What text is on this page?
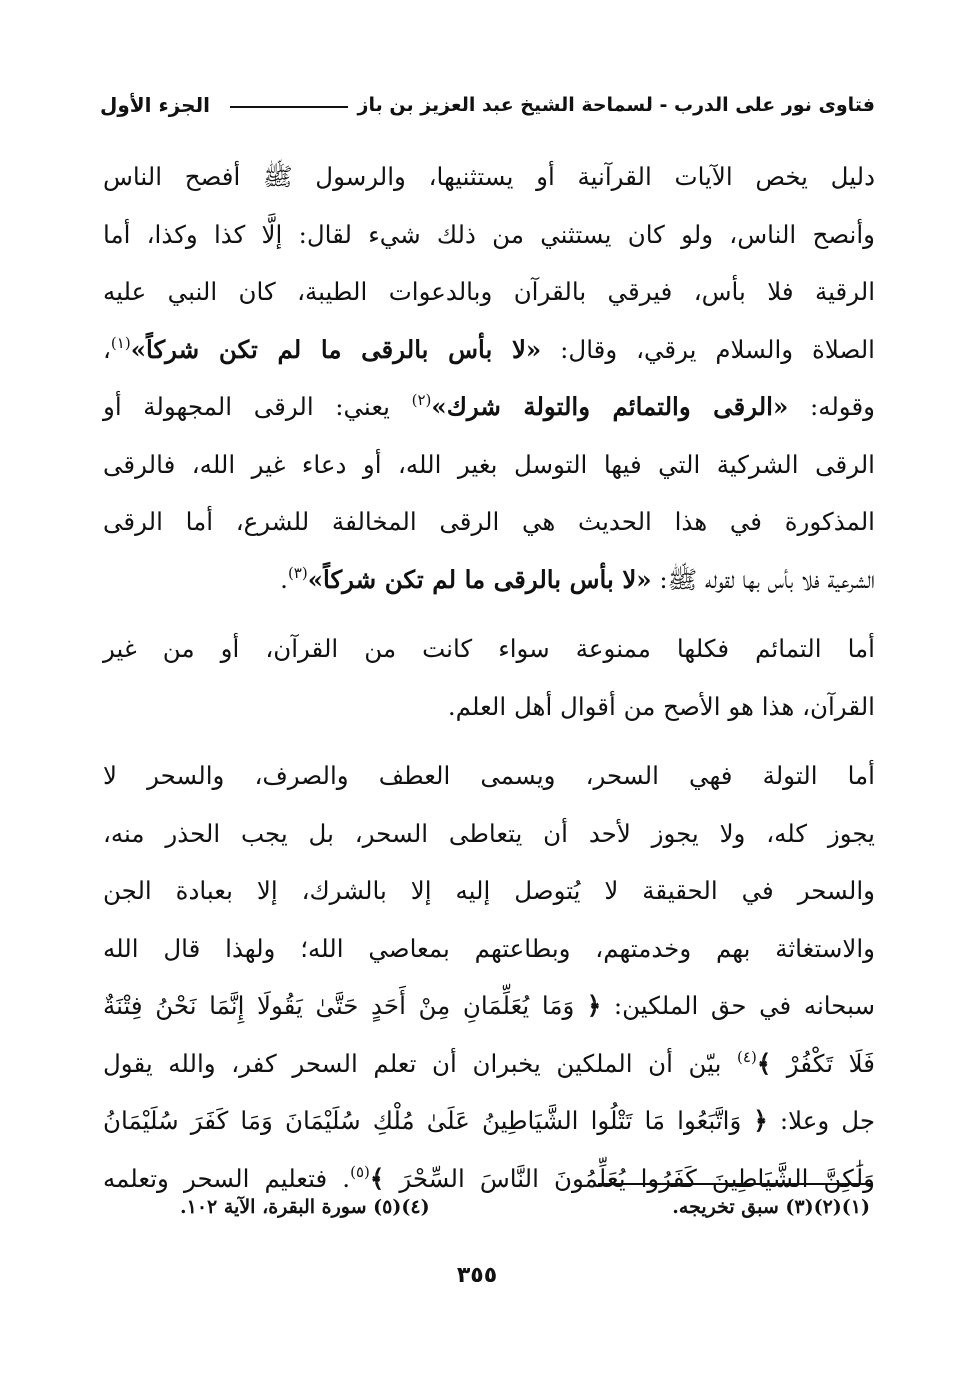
فتاوى نور على الدرب - لسماحة الشيخ عبد العزيز بن باز
الجزء الأول
دليل يخص الآيات القرآنية أو يستثنيها، والرسول ﷺ أفصح الناس
وأنصح الناس، ولو كان يستثني من ذلك شيء لقال: إلَّا كذا وكذا، أما
الرقية فلا بأس، فيرقي بالقرآن وبالدعوات الطيبة، كان النبي عليه
الصلاة والسلام يرقي، وقال: «لا بأس بالرقى ما لم تكن شركاً»$^{(١)}$،
وقوله: «الرقى والتمائم والتولة شرك»$^{(٢)}$ يعني: الرقى المجهولة أو
الرقى الشركية التي فيها التوسل بغير الله، أو دعاء غير الله، فالرقى
المذكورة في هذا الحديث هي الرقى المخالفة للشرع، أما الرقى
الشرعية فلا بأس بها لقوله ﷺ: «لا بأس بالرقى ما لم تكن شركاً»$^{(٣)}$.
أما التمائم فكلها ممنوعة سواء كانت من القرآن، أو من غير
القرآن، هذا هو الأصح من أقوال أهل العلم.
أما التولة فهي السحر، ويسمى العطف والصرف، والسحر لا
يجوز كله، ولا يجوز لأحد أن يتعاطى السحر، بل يجب الحذر منه،
والسحر في الحقيقة لا يُتوصل إليه إلا بالشرك، إلا بعبادة الجن
والاستغاثة بهم وخدمتهم، وبطاعتهم بمعاصي الله؛ ولهذا قال الله
سبحانه في حق الملكين: ﴿ وَمَا يُعَلِّمَانِ مِنْ أَحَدٍ حَتَّىٰ يَقُولَا إِنَّمَا نَحْنُ فِتْنَةٌ
فَلَا تَكْفُرْ ﴾$^{(٤)}$ بيّن أن الملكين يخبران أن تعلم السحر كفر، والله يقول
جل وعلا: ﴿ وَاتَّبَعُوا مَا تَتْلُوا الشَّيَاطِينُ عَلَىٰ مُلْكِ سُلَيْمَانَ وَمَا كَفَرَ سُلَيْمَانُ
وَلَٰكِنَّ الشَّيَاطِينَ كَفَرُوا يُعَلِّمُونَ النَّاسَ السِّحْرَ ﴾$^{(٥)}$. فتعليم السحر وتعلمه
(١)(٢)(٣) سبق تخريجه.
(٤)(٥) سورة البقرة، الآية ١٠٢.
٣٥٥
